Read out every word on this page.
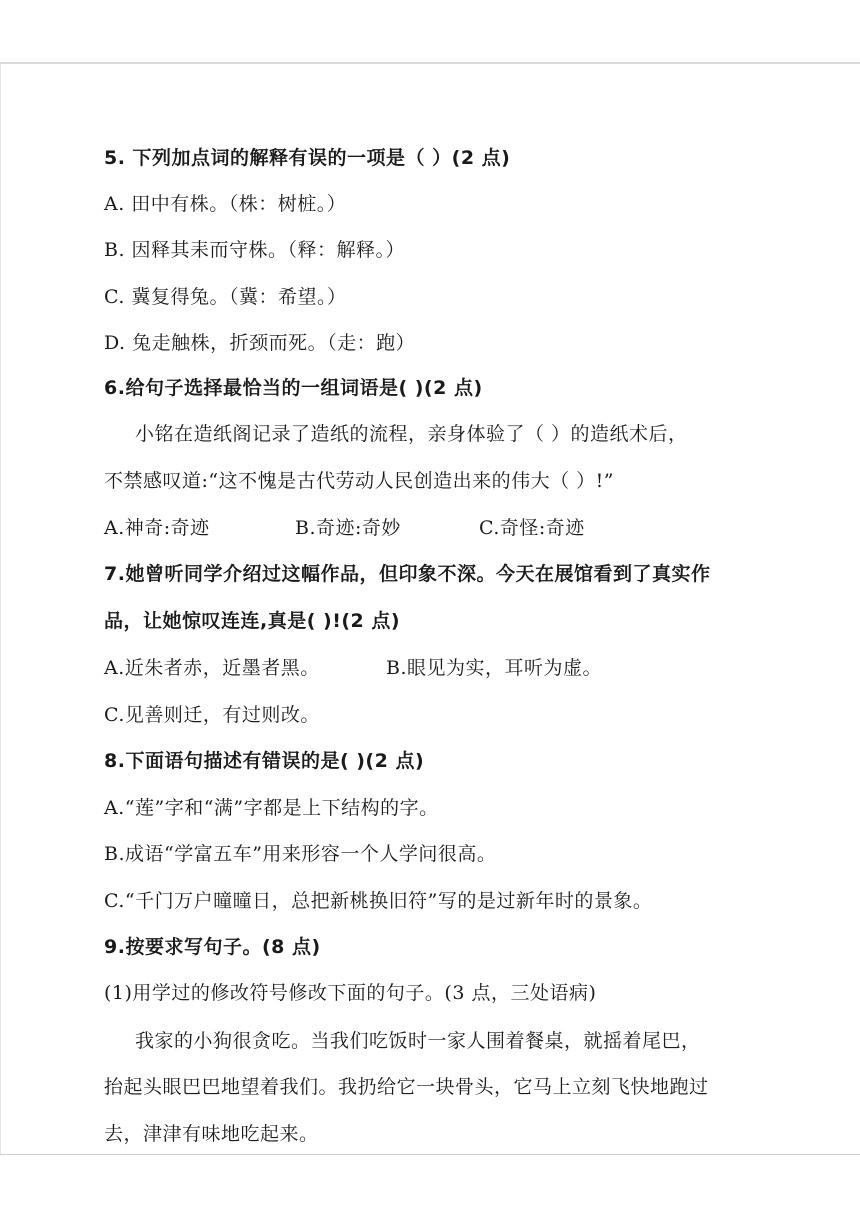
5. 下列加点词的解释有误的一项是（ ）(2 点)
A. 田中有株。（株：树桩。）
B. 因释其耒而守株。（释：解释。）
C. 冀复得兔。（冀：希望。）
D. 兔走触株，折颈而死。（走：跑）
6.给句子选择最恰当的一组词语是( )(2 点)
小铭在造纸阁记录了造纸的流程，亲身体验了（ ）的造纸术后，
不禁感叹道:“这不愧是古代劳动人民创造出来的伟大（ ）!”
A.神奇:奇迹	B.奇迹:奇妙	C.奇怪:奇迹
7.她曾听同学介绍过这幅作品，但印象不深。今天在展馆看到了真实作
品，让她惊叹连连,真是( )!(2 点)
A.近朱者赤，近墨者黑。	B.眼见为实，耳听为虚。
C.见善则迁，有过则改。
8.下面语句描述有错误的是( )(2 点)
A.“莲”字和“满”字都是上下结构的字。
B.成语“学富五车”用来形容一个人学问很高。
C.“千门万户曈曈日，总把新桃换旧符”写的是过新年时的景象。
9.按要求写句子。(8 点)
(1)用学过的修改符号修改下面的句子。(3 点，三处语病)
我家的小狗很贪吃。当我们吃饭时一家人围着餐桌，就摇着尾巴，
抬起头眼巴巴地望着我们。我扔给它一块骨头，它马上立刻飞快地跑过
去，津津有味地吃起来。
